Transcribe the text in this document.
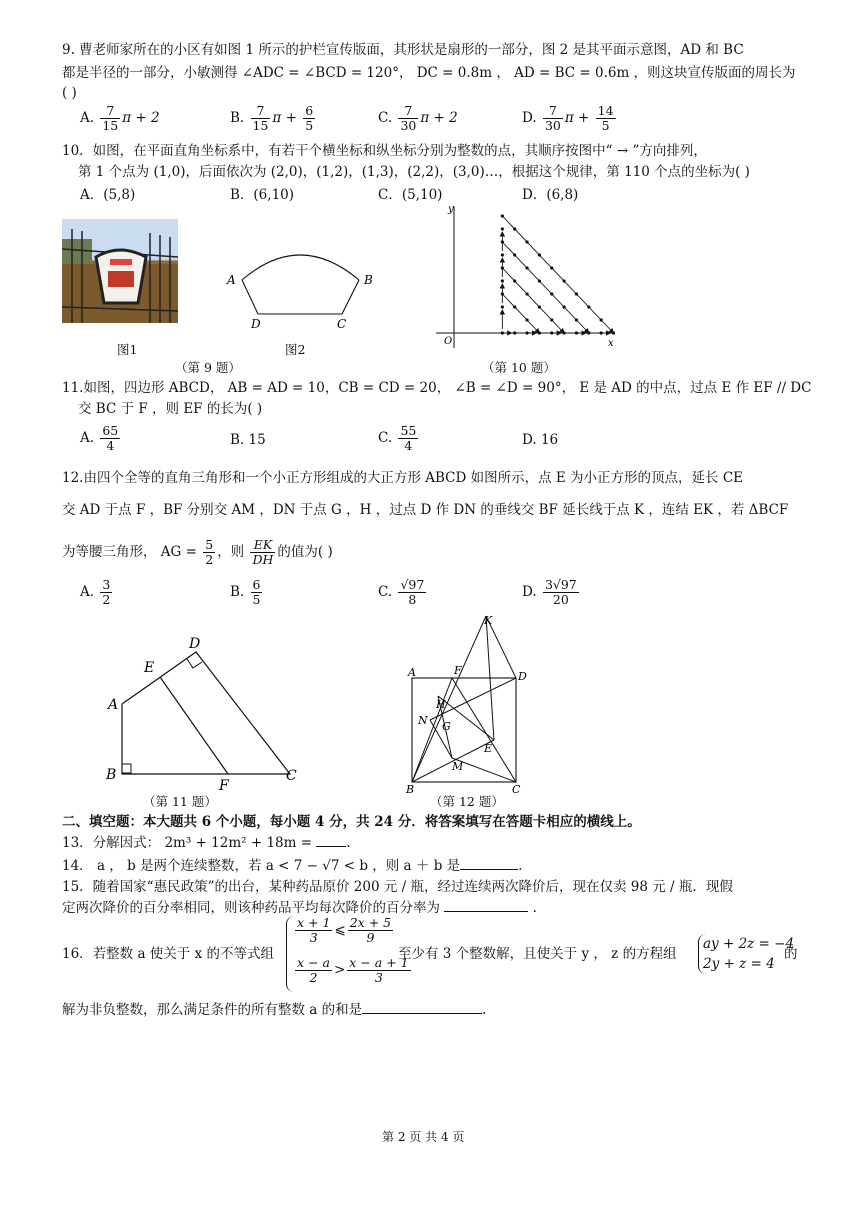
9. 曹老师家所在的小区有如图 1 所示的护栏宣传版面，其形状是扇形的一部分，图 2 是其平面示意图，AD 和 BC
都是半径的一部分，小敏测得 ∠ADC = ∠BCD = 120°， DC = 0.8m ， AD = BC = 0.6m ，则这块宣传版面的周长为
( )
A. $\frac{7}{15}$ π + 2	B. $\frac{7}{15}$ $\pi + \frac{6}{5}$	C. $\frac{7}{30}$ π + 2	D. $\frac{7}{30}$ $\pi + \frac{14}{5}$
10．如图，在平面直角坐标系中，有若干个横坐标和纵坐标分别为整数的点，其顺序按图中“ → ”方向排列，
第 1 个点为 (1,0)，后面依次为 (2,0)，(1,2)，(1,3)，(2,2)，(3,0)…，根据这个规律，第 110 个点的坐标为( )
A．(5,8)	B．(6,10)	C．(5,10)	D．(6,8)
图1
A	B
D	C
图2
（第 9 题）
y
x
O
（第 10 题）
11.如图，四边形 ABCD， AB = AD = 10，CB = CD = 20， ∠B = ∠D = 90°， E 是 AD 的中点，过点 E 作 EF // DC
交 BC 于 F ，则 EF 的长为( )
A. $\frac{65}{4}$	B. 15	C. $\frac{55}{4}$	D. 16
12.由四个全等的直角三角形和一个小正方形组成的大正方形 ABCD 如图所示，点 E 为小正方形的顶点，延长 CE
交 AD 于点 F ，BF 分别交 AM ，DN 于点 G ，H ，过点 D 作 DN 的垂线交 BF 延长线于点 K ，连结 EK ，若 ΔBCF
为等腰三角形， AG = $\frac{5}{2}$ ，则 $\frac{EK}{DH}$ 的值为( )
A. $\frac{3}{2}$	B. $\frac{6}{5}$	C. $\frac{√97}{8}$	D. $\frac{3√97}{20}$
A
B	C
D
E
F
（第 11 题）
A
B	C
D
E
F
G
H
K
M
N
（第 12 题）
二、填空题：本大题共 6 个小题，每小题 4 分，共 24 分．将答案填写在答题卡相应的横线上。
13．分解因式： 2m³ + 12m² + 18m =	.
14． a ， b 是两个连续整数，若 a < 7 − √7 < b ，则 a ＋ b 是	.
15．随着国家“惠民政策”的出台，某种药品原价 200 元 / 瓶，经过连续两次降价后，现在仅卖 98 元 / 瓶．现假
定两次降价的百分率相同，则该种药品平均每次降价的百分率为	.
16．若整数 a 使关于 x 的不等式组
$\frac{x + 1}{3}$ ⩽ $\frac{2x + 5}{9}$
$\frac{x - a}{2} > \frac{x - a + 1}{3}$
至少有 3 个整数解，且使关于 y ， z 的方程组
ay + 2z = −4
2y + z = 4
的
解为非负整数，那么满足条件的所有整数 a 的和是	.
第 2 页 共 4 页
